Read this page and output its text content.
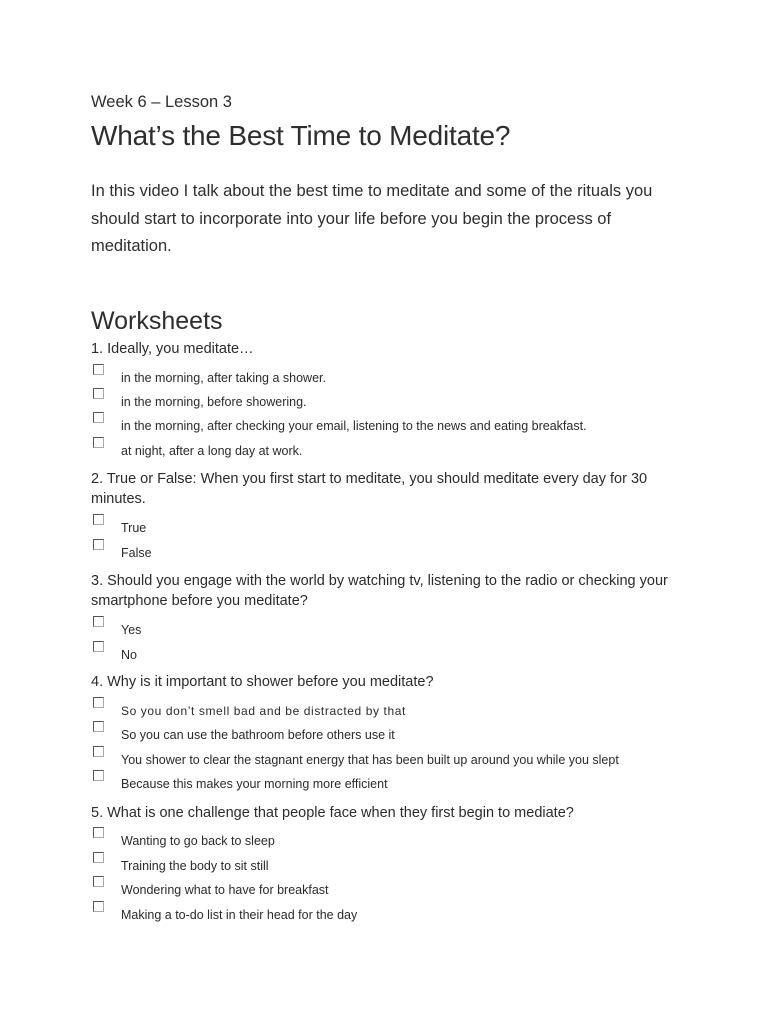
Week 6 – Lesson 3
What’s the Best Time to Meditate?

In this video I talk about the best time to meditate and some of the rituals you should start to incorporate into your life before you begin the process of meditation.

Worksheets
1. Ideally, you meditate…
in the morning, after taking a shower.
in the morning, before showering.
in the morning, after checking your email, listening to the news and eating breakfast.
at night, after a long day at work.
2. True or False: When you first start to meditate, you should meditate every day for 30 minutes.
True
False
3. Should you engage with the world by watching tv, listening to the radio or checking your smartphone before you meditate?
Yes
No
4. Why is it important to shower before you meditate?
So you don’t smell bad and be distracted by that
So you can use the bathroom before others use it
You shower to clear the stagnant energy that has been built up around you while you slept
Because this makes your morning more efficient
5. What is one challenge that people face when they first begin to mediate?
Wanting to go back to sleep
Training the body to sit still
Wondering what to have for breakfast
Making a to-do list in their head for the day
